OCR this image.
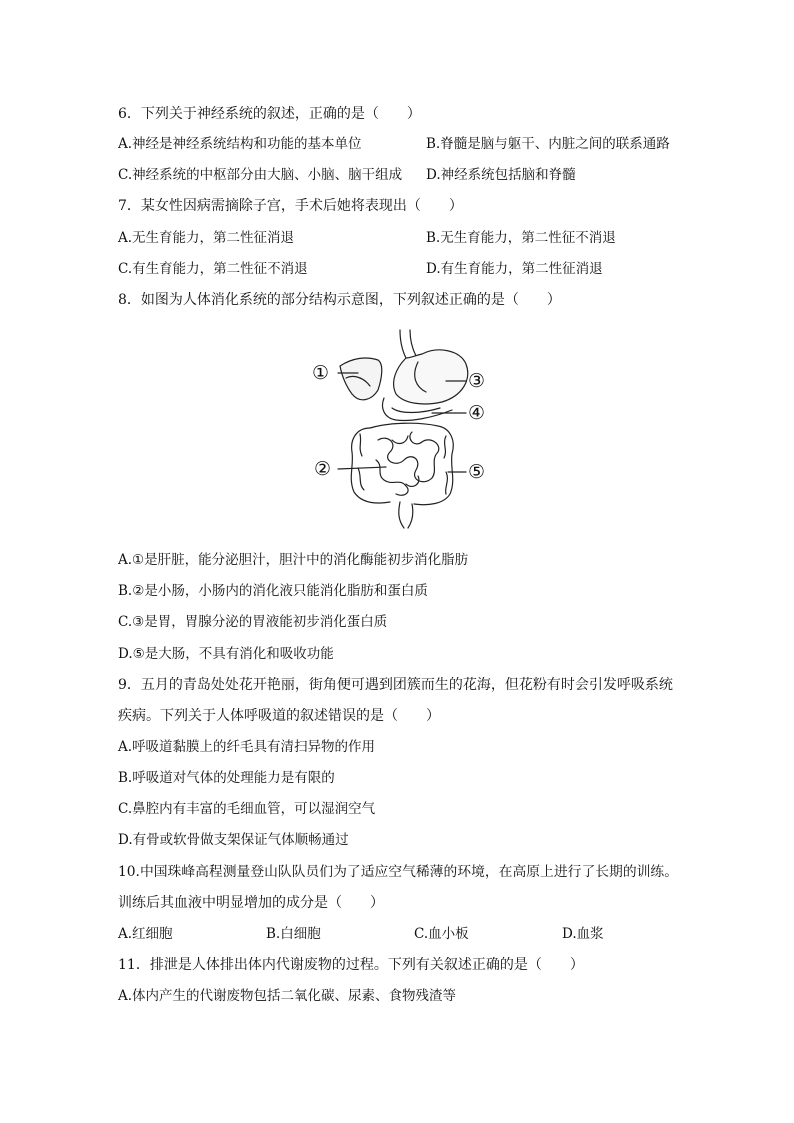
6．下列关于神经系统的叙述，正确的是（　　）
A.神经是神经系统结构和功能的基本单位	B.脊髓是脑与躯干、内脏之间的联系通路
C.神经系统的中枢部分由大脑、小脑、脑干组成 D.神经系统包括脑和脊髓
7．某女性因病需摘除子宫，手术后她将表现出（　　）
A.无生育能力，第二性征消退	B.无生育能力，第二性征不消退
C.有生育能力，第二性征不消退	D.有生育能力，第二性征消退
8．如图为人体消化系统的部分结构示意图，下列叙述正确的是（　　）
①
②
③
④
⑤
A.①是肝脏，能分泌胆汁，胆汁中的消化酶能初步消化脂肪
B.②是小肠，小肠内的消化液只能消化脂肪和蛋白质
C.③是胃，胃腺分泌的胃液能初步消化蛋白质
D.⑤是大肠，不具有消化和吸收功能
9．五月的青岛处处花开艳丽，街角便可遇到团簇而生的花海，但花粉有时会引发呼吸系统
疾病。下列关于人体呼吸道的叙述错误的是（　　）
A.呼吸道黏膜上的纤毛具有清扫异物的作用
B.呼吸道对气体的处理能力是有限的
C.鼻腔内有丰富的毛细血管，可以湿润空气
D.有骨或软骨做支架保证气体顺畅通过
10.中国珠峰高程测量登山队队员们为了适应空气稀薄的环境，在高原上进行了长期的训练。
训练后其血液中明显增加的成分是（　　）
A.红细胞	B.白细胞	C.血小板	D.血浆
11．排泄是人体排出体内代谢废物的过程。下列有关叙述正确的是（　　）
A.体内产生的代谢废物包括二氧化碳、尿素、食物残渣等
